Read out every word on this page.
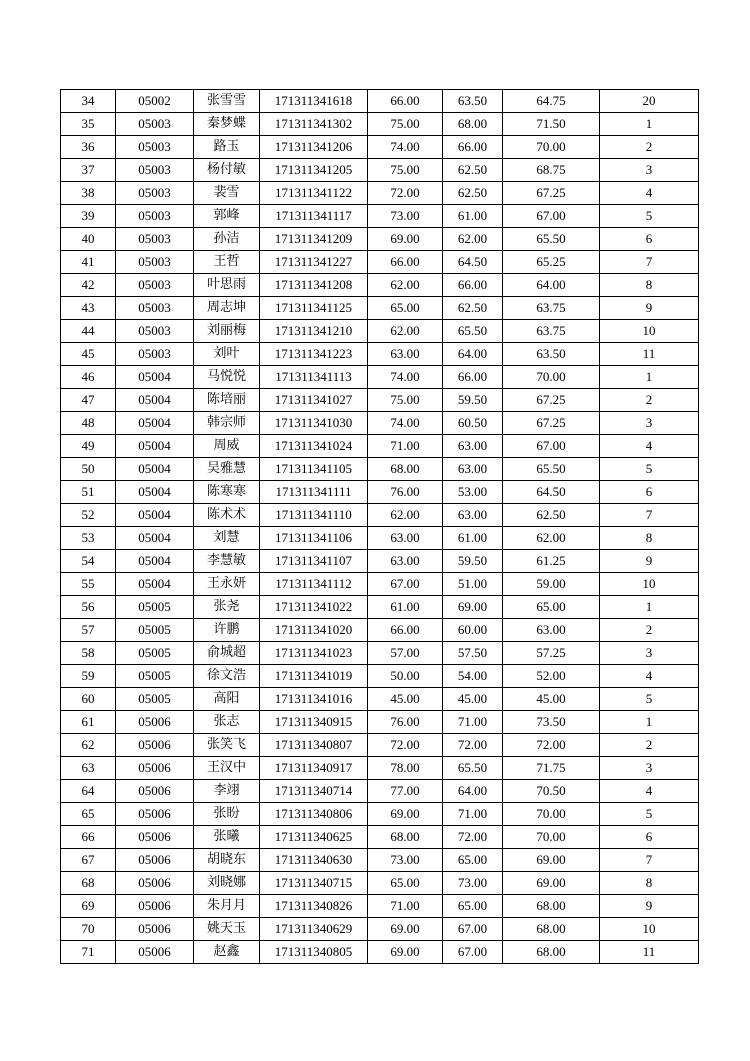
34	05002	张雪雪	171311341618	66.00	63.50	64.75	20
35	05003	秦梦蝶	171311341302	75.00	68.00	71.50	1
36	05003	路玉	171311341206	74.00	66.00	70.00	2
37	05003	杨付敏	171311341205	75.00	62.50	68.75	3
38	05003	裴雪	171311341122	72.00	62.50	67.25	4
39	05003	郭峰	171311341117	73.00	61.00	67.00	5
40	05003	孙洁	171311341209	69.00	62.00	65.50	6
41	05003	王哲	171311341227	66.00	64.50	65.25	7
42	05003	叶思雨	171311341208	62.00	66.00	64.00	8
43	05003	周志坤	171311341125	65.00	62.50	63.75	9
44	05003	刘丽梅	171311341210	62.00	65.50	63.75	10
45	05003	刘叶	171311341223	63.00	64.00	63.50	11
46	05004	马悦悦	171311341113	74.00	66.00	70.00	1
47	05004	陈培丽	171311341027	75.00	59.50	67.25	2
48	05004	韩宗师	171311341030	74.00	60.50	67.25	3
49	05004	周威	171311341024	71.00	63.00	67.00	4
50	05004	吴雅慧	171311341105	68.00	63.00	65.50	5
51	05004	陈寒寒	171311341111	76.00	53.00	64.50	6
52	05004	陈术术	171311341110	62.00	63.00	62.50	7
53	05004	刘慧	171311341106	63.00	61.00	62.00	8
54	05004	李慧敏	171311341107	63.00	59.50	61.25	9
55	05004	王永妍	171311341112	67.00	51.00	59.00	10
56	05005	张尧	171311341022	61.00	69.00	65.00	1
57	05005	许鹏	171311341020	66.00	60.00	63.00	2
58	05005	俞城超	171311341023	57.00	57.50	57.25	3
59	05005	徐文浩	171311341019	50.00	54.00	52.00	4
60	05005	高阳	171311341016	45.00	45.00	45.00	5
61	05006	张志	171311340915	76.00	71.00	73.50	1
62	05006	张笑飞	171311340807	72.00	72.00	72.00	2
63	05006	王汉中	171311340917	78.00	65.50	71.75	3
64	05006	李翊	171311340714	77.00	64.00	70.50	4
65	05006	张盼	171311340806	69.00	71.00	70.00	5
66	05006	张曦	171311340625	68.00	72.00	70.00	6
67	05006	胡晓东	171311340630	73.00	65.00	69.00	7
68	05006	刘晓娜	171311340715	65.00	73.00	69.00	8
69	05006	朱月月	171311340826	71.00	65.00	68.00	9
70	05006	姚天玉	171311340629	69.00	67.00	68.00	10
71	05006	赵鑫	171311340805	69.00	67.00	68.00	11
